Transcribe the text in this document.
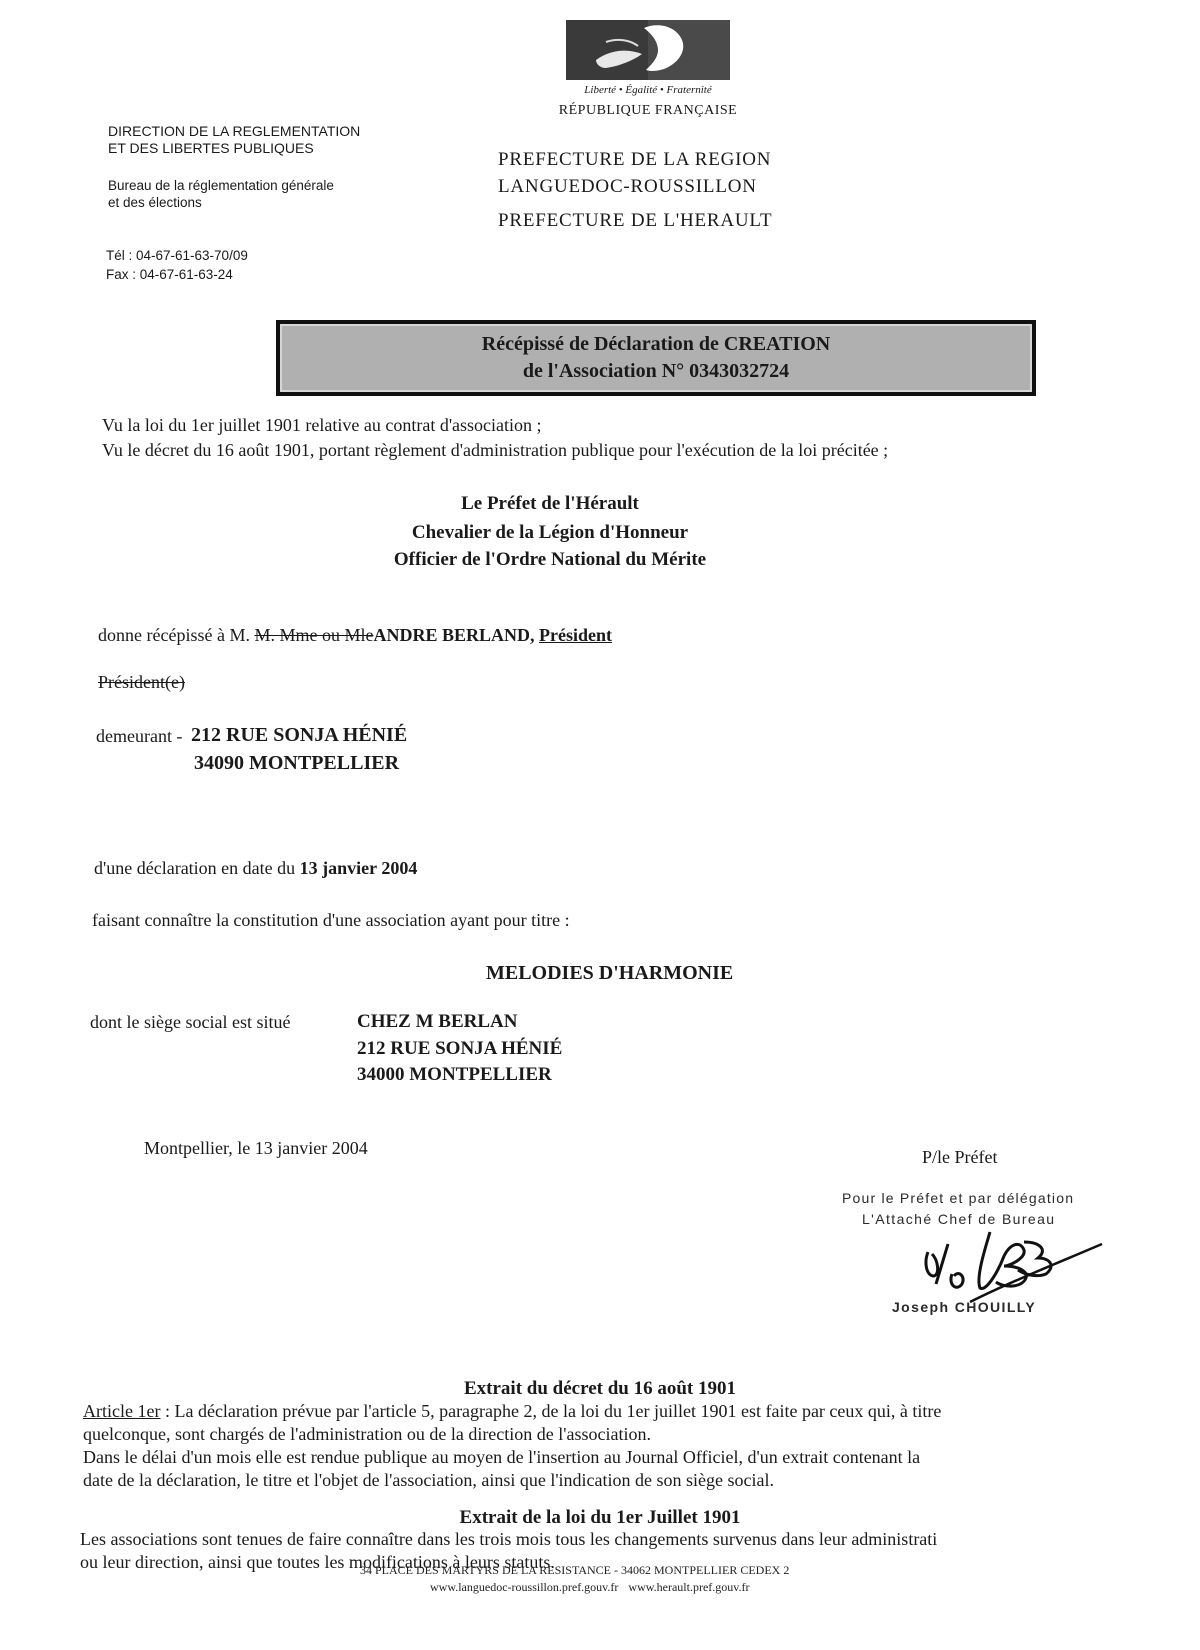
Liberté • Égalité • Fraternité
RÉPUBLIQUE FRANÇAISE
DIRECTION DE LA REGLEMENTATION
ET DES LIBERTES PUBLIQUES
Bureau de la réglementation générale
et des élections
Tél : 04-67-61-63-70/09
Fax : 04-67-61-63-24
PREFECTURE DE LA REGION
LANGUEDOC-ROUSSILLON
PREFECTURE DE L'HERAULT
Récépissé de Déclaration de CREATION
de l'Association N° 0343032724
Vu la loi du 1er juillet 1901 relative au contrat d'association ;
Vu le décret du 16 août 1901, portant règlement d'administration publique pour l'exécution de la loi précitée ;
Le Préfet de l'Hérault
Chevalier de la Légion d'Honneur
Officier de l'Ordre National du Mérite
donne récépissé à M. M. Mme ou MleANDRE BERLAND, Président
Président(e)
demeurant - 212 RUE SONJA HÉNIÉ
34090 MONTPELLIER
d'une déclaration en date du 13 janvier 2004
faisant connaître la constitution d'une association ayant pour titre :
MELODIES D'HARMONIE
dont le siège social est situé	CHEZ M BERLAN
212 RUE SONJA HÉNIÉ
34000 MONTPELLIER
Montpellier, le 13 janvier 2004	P/le Préfet
Pour le Préfet et par délégation
L'Attaché Chef de Bureau
Joseph CHOUILLY
Extrait du décret du 16 août 1901

Article 1er : La déclaration prévue par l'article 5, paragraphe 2, de la loi du 1er juillet 1901 est faite par ceux qui, à titre

quelconque, sont chargés de l'administration ou de la direction de l'association.

Dans le délai d'un mois elle est rendue publique au moyen de l'insertion au Journal Officiel, d'un extrait contenant la

date de la déclaration, le titre et l'objet de l'association, ainsi que l'indication de son siège social.

Extrait de la loi du 1er Juillet 1901

Les associations sont tenues de faire connaître dans les trois mois tous les changements survenus dans leur administrati

ou leur direction, ainsi que toutes les modifications à leurs statuts.

34 PLACE DES MARTYRS DE LA RESISTANCE - 34062 MONTPELLIER CEDEX 2
www.languedoc-roussillon.pref.gouv.fr www.herault.pref.gouv.fr
